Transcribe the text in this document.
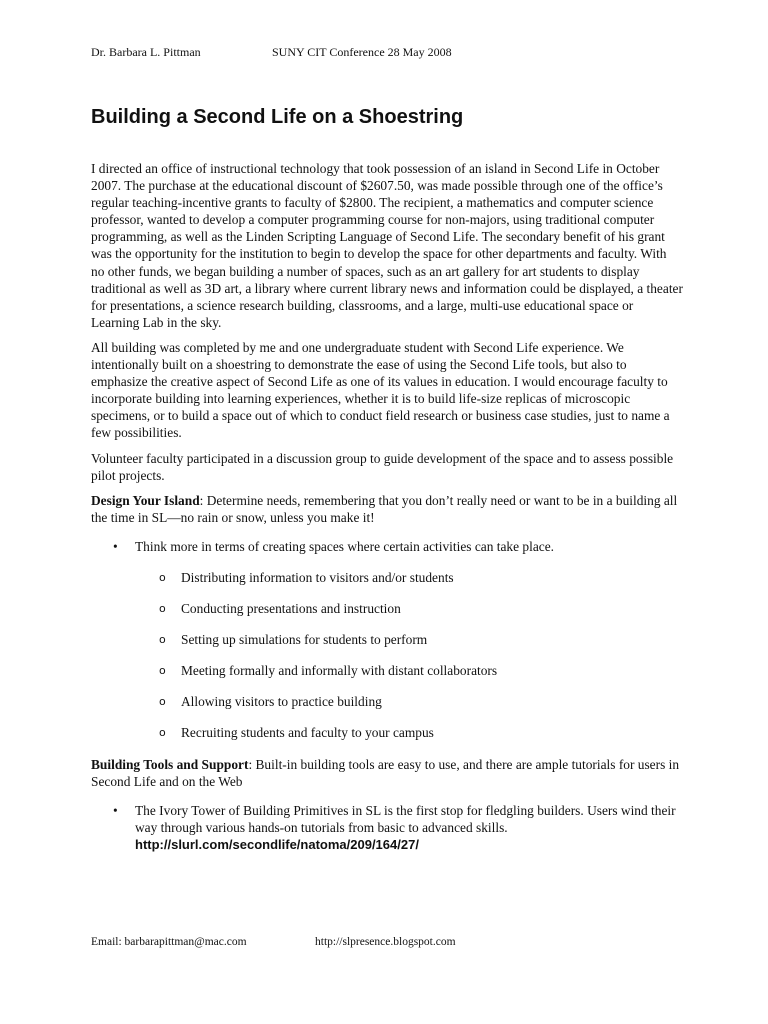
Dr. Barbara L. Pittman	SUNY CIT Conference 28 May 2008
Building a Second Life on a Shoestring

I directed an office of instructional technology that took possession of an island in Second Life in October 2007. The purchase at the educational discount of $2607.50, was made possible through one of the office’s regular teaching-incentive grants to faculty of $2800. The recipient, a mathematics and computer science professor, wanted to develop a computer programming course for non-majors, using traditional computer programming, as well as the Linden Scripting Language of Second Life. The secondary benefit of his grant was the opportunity for the institution to begin to develop the space for other departments and faculty. With no other funds, we began building a number of spaces, such as an art gallery for art students to display traditional as well as 3D art, a library where current library news and information could be displayed, a theater for presentations, a science research building, classrooms, and a large, multi-use educational space or Learning Lab in the sky.

All building was completed by me and one undergraduate student with Second Life experience. We intentionally built on a shoestring to demonstrate the ease of using the Second Life tools, but also to emphasize the creative aspect of Second Life as one of its values in education. I would encourage faculty to incorporate building into learning experiences, whether it is to build life-size replicas of microscopic specimens, or to build a space out of which to conduct field research or business case studies, just to name a few possibilities.

Volunteer faculty participated in a discussion group to guide development of the space and to assess possible pilot projects.

Design Your Island: Determine needs, remembering that you don’t really need or want to be in a building all the time in SL—no rain or snow, unless you make it!

•	Think more in terms of creating spaces where certain activities can take place.
o Distributing information to visitors and/or students
o Conducting presentations and instruction
o Setting up simulations for students to perform
o Meeting formally and informally with distant collaborators
o Allowing visitors to practice building
o Recruiting students and faculty to your campus

Building Tools and Support: Built-in building tools are easy to use, and there are ample tutorials for users in Second Life and on the Web

•	The Ivory Tower of Building Primitives in SL is the first stop for fledgling builders. Users wind their way through various hands-on tutorials from basic to advanced skills.
http://slurl.com/secondlife/natoma/209/164/27/
Email: barbarapittman@mac.com	http://slpresence.blogspot.com
